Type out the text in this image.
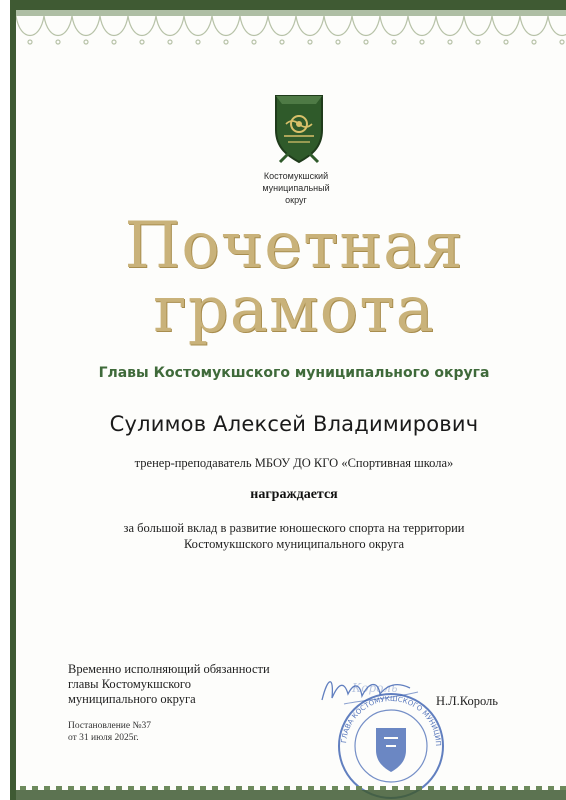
Костомукшский
муниципальный
округ
Почетная
грамота
Главы Костомукшского муниципального округа
Сулимов Алексей Владимирович
тренер-преподаватель МБОУ ДО КГО «Спортивная школа»
награждается
за большой вклад в развитие юношеского спорта на территории
Костомукшского муниципального округа
Временно исполняющий обязанности
главы Костомукшского
муниципального округа
ГЛАВА КОСТОМУКШСКОГО МУНИЦИП
Король
Н.Л.Король
Постановление №37
от 31 июля 2025г.
